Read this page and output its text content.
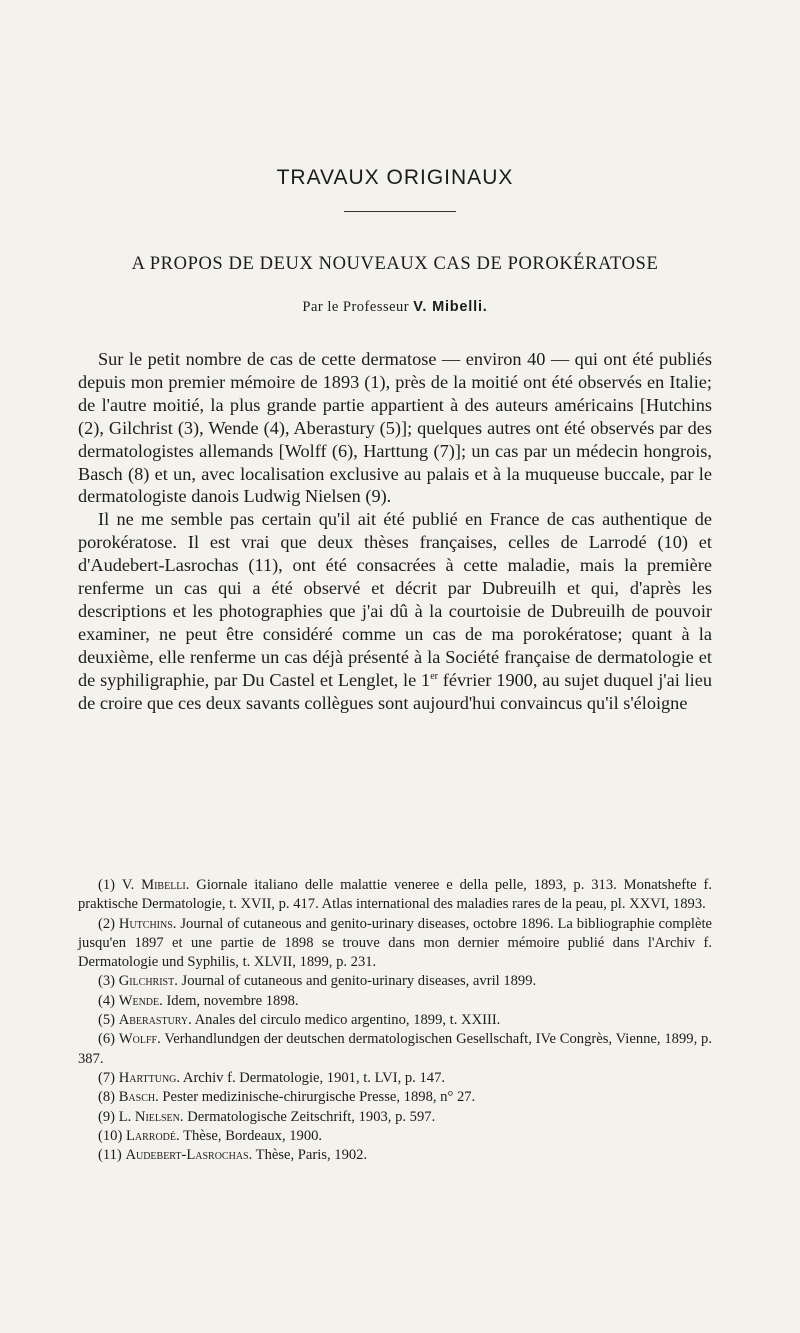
TRAVAUX ORIGINAUX
A PROPOS DE DEUX NOUVEAUX CAS DE POROKÉRATOSE
Par le Professeur V. Mibelli.

Sur le petit nombre de cas de cette dermatose — environ 40 — qui ont été publiés depuis mon premier mémoire de 1893 (1), près de la moitié ont été observés en Italie; de l'autre moitié, la plus grande partie appartient à des auteurs américains [Hutchins (2), Gilchrist (3), Wende (4), Aberastury (5)]; quelques autres ont été observés par des dermatologistes allemands [Wolff (6), Harttung (7)]; un cas par un médecin hongrois, Basch (8) et un, avec localisation exclusive au palais et à la muqueuse buccale, par le dermatologiste danois Ludwig Nielsen (9).

Il ne me semble pas certain qu'il ait été publié en France de cas authentique de porokératose. Il est vrai que deux thèses françaises, celles de Larrodé (10) et d'Audebert-Lasrochas (11), ont été consacrées à cette maladie, mais la première renferme un cas qui a été observé et décrit par Dubreuilh et qui, d'après les descriptions et les photographies que j'ai dû à la courtoisie de Dubreuilh de pouvoir examiner, ne peut être considéré comme un cas de ma porokératose; quant à la deuxième, elle renferme un cas déjà présenté à la Société française de dermatologie et de syphiligraphie, par Du Castel et Lenglet, le 1er février 1900, au sujet duquel j'ai lieu de croire que ces deux savants collègues sont aujourd'hui convaincus qu'il s'éloigne

(1) V. Mibelli. Giornale italiano delle malattie veneree e della pelle, 1893, p. 313. Monatshefte f. praktische Dermatologie, t. XVII, p. 417. Atlas international des maladies rares de la peau, pl. XXVI, 1893.

(2) Hutchins. Journal of cutaneous and genito-urinary diseases, octobre 1896. La bibliographie complète jusqu'en 1897 et une partie de 1898 se trouve dans mon dernier mémoire publié dans l'Archiv f. Dermatologie und Syphilis, t. XLVII, 1899, p. 231.

(3) Gilchrist. Journal of cutaneous and genito-urinary diseases, avril 1899.

(4) Wende. Idem, novembre 1898.

(5) Aberastury. Anales del circulo medico argentino, 1899, t. XXIII.

(6) Wolff. Verhandlundgen der deutschen dermatologischen Gesellschaft, IVe Congrès, Vienne, 1899, p. 387.

(7) Harttung. Archiv f. Dermatologie, 1901, t. LVI, p. 147.

(8) Basch. Pester medizinische-chirurgische Presse, 1898, n° 27.

(9) L. Nielsen. Dermatologische Zeitschrift, 1903, p. 597.

(10) Larrodé. Thèse, Bordeaux, 1900.

(11) Audebert-Lasrochas. Thèse, Paris, 1902.
